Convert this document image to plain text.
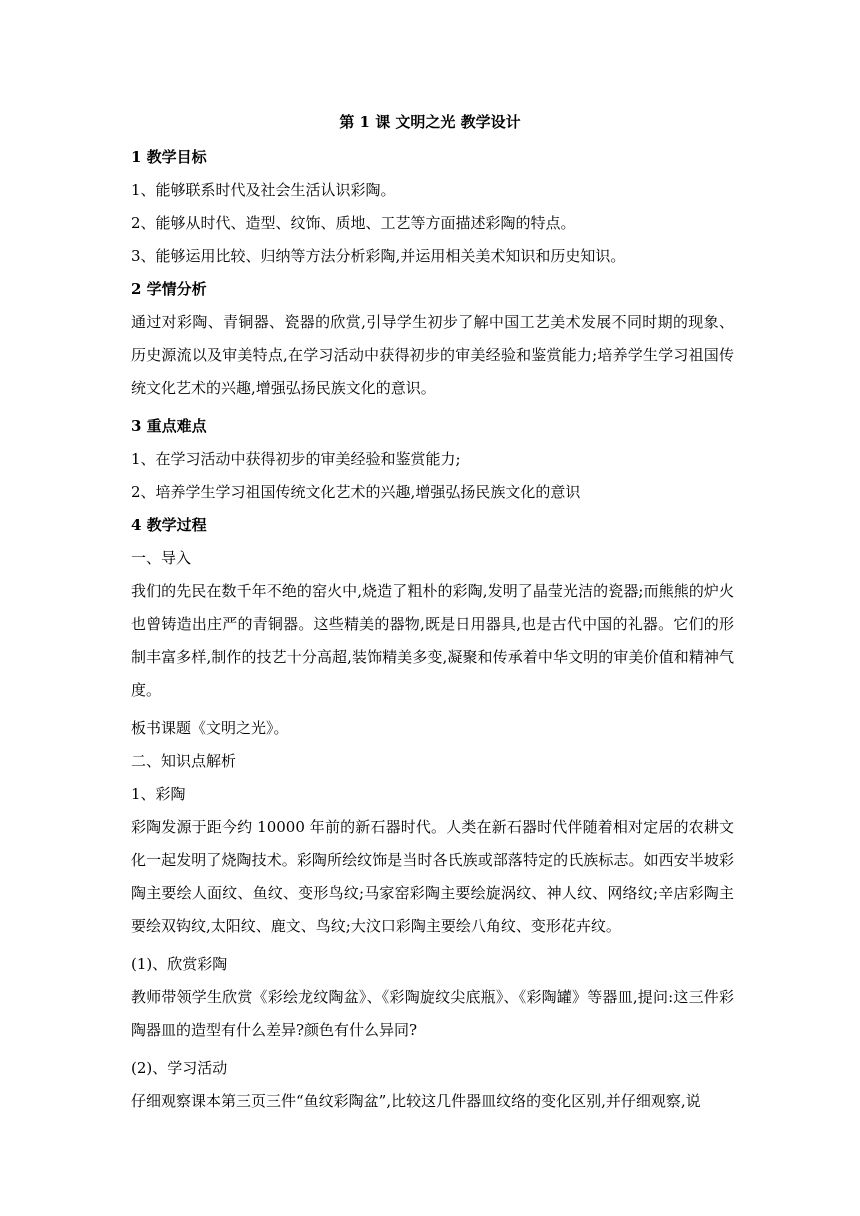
第 1 课 文明之光 教学设计
1 教学目标
1、能够联系时代及社会生活认识彩陶。
2、能够从时代、造型、纹饰、质地、工艺等方面描述彩陶的特点。
3、能够运用比较、归纳等方法分析彩陶,并运用相关美术知识和历史知识。
2 学情分析
通过对彩陶、青铜器、瓷器的欣赏,引导学生初步了解中国工艺美术发展不同时期的现象、历史源流以及审美特点,在学习活动中获得初步的审美经验和鉴赏能力;培养学生学习祖国传统文化艺术的兴趣,增强弘扬民族文化的意识。
3 重点难点
1、在学习活动中获得初步的审美经验和鉴赏能力;
2、培养学生学习祖国传统文化艺术的兴趣,增强弘扬民族文化的意识
4 教学过程
一、导入
我们的先民在数千年不绝的窑火中,烧造了粗朴的彩陶,发明了晶莹光洁的瓷器;而熊熊的炉火也曾铸造出庄严的青铜器。这些精美的器物,既是日用器具,也是古代中国的礼器。它们的形制丰富多样,制作的技艺十分高超,装饰精美多变,凝聚和传承着中华文明的审美价值和精神气度。
板书课题《文明之光》。
二、知识点解析
1、彩陶
彩陶发源于距今约 10000 年前的新石器时代。人类在新石器时代伴随着相对定居的农耕文化一起发明了烧陶技术。彩陶所绘纹饰是当时各氏族或部落特定的氏族标志。如西安半坡彩陶主要绘人面纹、鱼纹、变形鸟纹;马家窑彩陶主要绘旋涡纹、神人纹、网络纹;辛店彩陶主要绘双钩纹,太阳纹、鹿文、鸟纹;大汶口彩陶主要绘八角纹、变形花卉纹。
(1)、欣赏彩陶
教师带领学生欣赏《彩绘龙纹陶盆》、《彩陶旋纹尖底瓶》、《彩陶罐》等器皿,提问:这三件彩陶器皿的造型有什么差异?颜色有什么异同?
(2)、学习活动
仔细观察课本第三页三件“鱼纹彩陶盆”,比较这几件器皿纹络的变化区别,并仔细观察,说
